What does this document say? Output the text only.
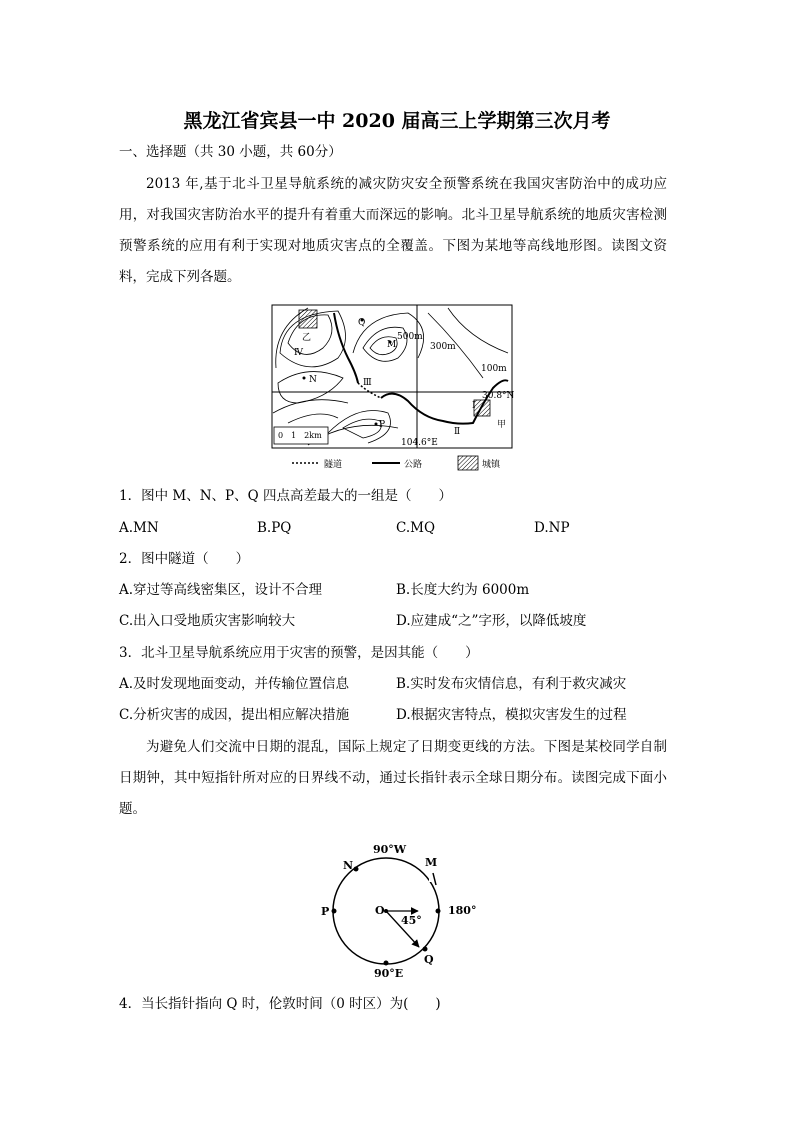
黑龙江省宾县一中 2020 届高三上学期第三次月考
一、选择题（共 30 小题，共 60分）
2013 年,基于北斗卫星导航系统的减灾防灾安全预警系统在我国灾害防治中的成功应用，对我国灾害防治水平的提升有着重大而深远的影响。北斗卫星导航系统的地质灾害检测预警系统的应用有利于实现对地质灾害点的全覆盖。下图为某地等高线地形图。读图文资料，完成下列各题。
乙
Q
Ⅳ
M
500m
300m
100m
N	Ⅲ
Ⅰ
30.8°N
甲
P
Ⅱ
104.6°E
0　1　2km
隧道	公路	城镇
1．图中 M、N、P、Q 四点高差最大的一组是（　　）
A.MN	B.PQ	C.MQ	D.NP
2．图中隧道（　　）
A.穿过等高线密集区，设计不合理	B.长度大约为 6000m
C.出入口受地质灾害影响较大	D.应建成“之”字形，以降低坡度
3．北斗卫星导航系统应用于灾害的预警，是因其能（　　）
A.及时发现地面变动，并传输位置信息	B.实时发布灾情信息，有利于救灾减灾
C.分析灾害的成因，提出相应解决措施	D.根据灾害特点，模拟灾害发生的过程
为避免人们交流中日期的混乱，国际上规定了日期变更线的方法。下图是某校同学自制日期钟，其中短指针所对应的日界线不动，通过长指针表示全球日期分布。读图完成下面小题。
90°W
N	M
P	O	180°
45°
Q
90°E
4．当长指针指向 Q 时，伦敦时间（0 时区）为(　　)
